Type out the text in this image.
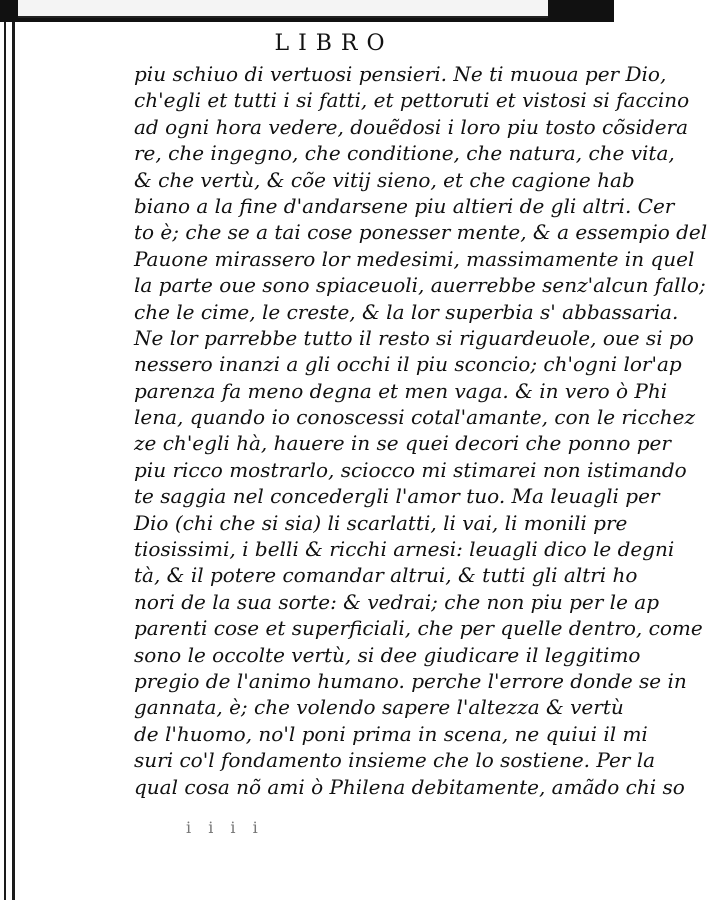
LIBRO
piu schiuo di vertuosi pensieri. Ne ti muoua per Dio,
ch'egli et tutti i si fatti, et pettoruti et vistosi si faccino
ad ogni hora vedere, douẽdosi i loro piu tosto cõsidera
re, che ingegno, che conditione, che natura, che vita,
& che vertù, & cõe vitij sieno, et che cagione hab
biano a la fine d'andarsene piu altieri de gli altri. Cer
to è; che se a tai cose ponesser mente, & a essempio del
Pauone mirassero lor medesimi, massimamente in quel
la parte oue sono spiaceuoli, auerrebbe senz'alcun fallo;
che le cime, le creste, & la lor superbia s' abbassaria.
Ne lor parrebbe tutto il resto si riguardeuole, oue si po
nessero inanzi a gli occhi il piu sconcio; ch'ogni lor'ap
parenza fa meno degna et men vaga. & in vero ò Phi
lena, quando io conoscessi cotal'amante, con le ricchez
ze ch'egli hà, hauere in se quei decori che ponno per
piu ricco mostrarlo, sciocco mi stimarei non istimando
te saggia nel concedergli l'amor tuo. Ma leuagli per
Dio (chi che si sia) li scarlatti, li vai, li monili pre
tiosissimi, i belli & ricchi arnesi: leuagli dico le degni
tà, & il potere comandar altrui, & tutti gli altri ho
nori de la sua sorte: & vedrai; che non piu per le ap
parenti cose et superficiali, che per quelle dentro, come
sono le occolte vertù, si dee giudicare il leggitimo
pregio de l'animo humano. perche l'errore donde se in
gannata, è; che volendo sapere l'altezza & vertù
de l'huomo, no'l poni prima in scena, ne quiui il mi
suri co'l fondamento insieme che lo sostiene. Per la
qual cosa nõ ami ò Philena debitamente, amãdo chi so
i i i i
